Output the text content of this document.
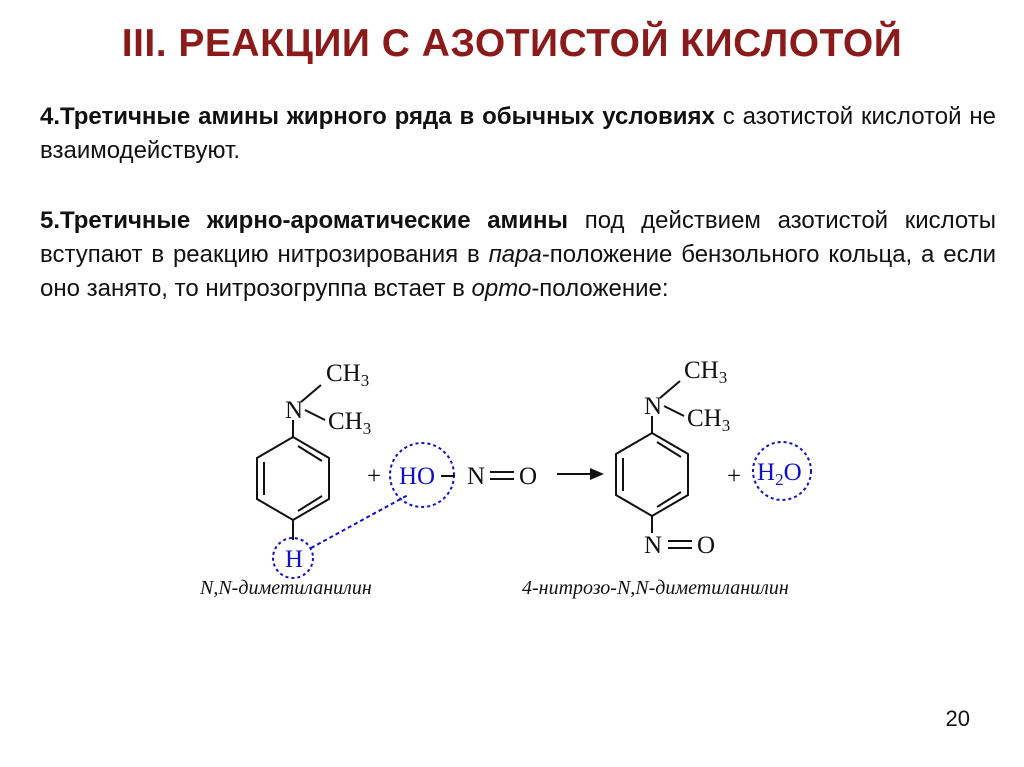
III. РЕАКЦИИ С АЗОТИСТОЙ КИСЛОТОЙ
4.Третичные амины жирного ряда в обычных условиях с азотистой кислотой не взаимодействуют.
5.Третичные жирно-ароматические амины под действием азотистой кислоты вступают в реакцию нитрозирования в пара-положение бензольного кольца, а если оно занято, то нитрозогруппа встает в орто-положение:
N
$CH_3$
$CH_3$
H
+ HO N O
N
$CH_3$
$CH_3$
N O
+ $H_2O$
N,N-диметиланилин	4-нитрозо-N,N-диметиланилин
20
